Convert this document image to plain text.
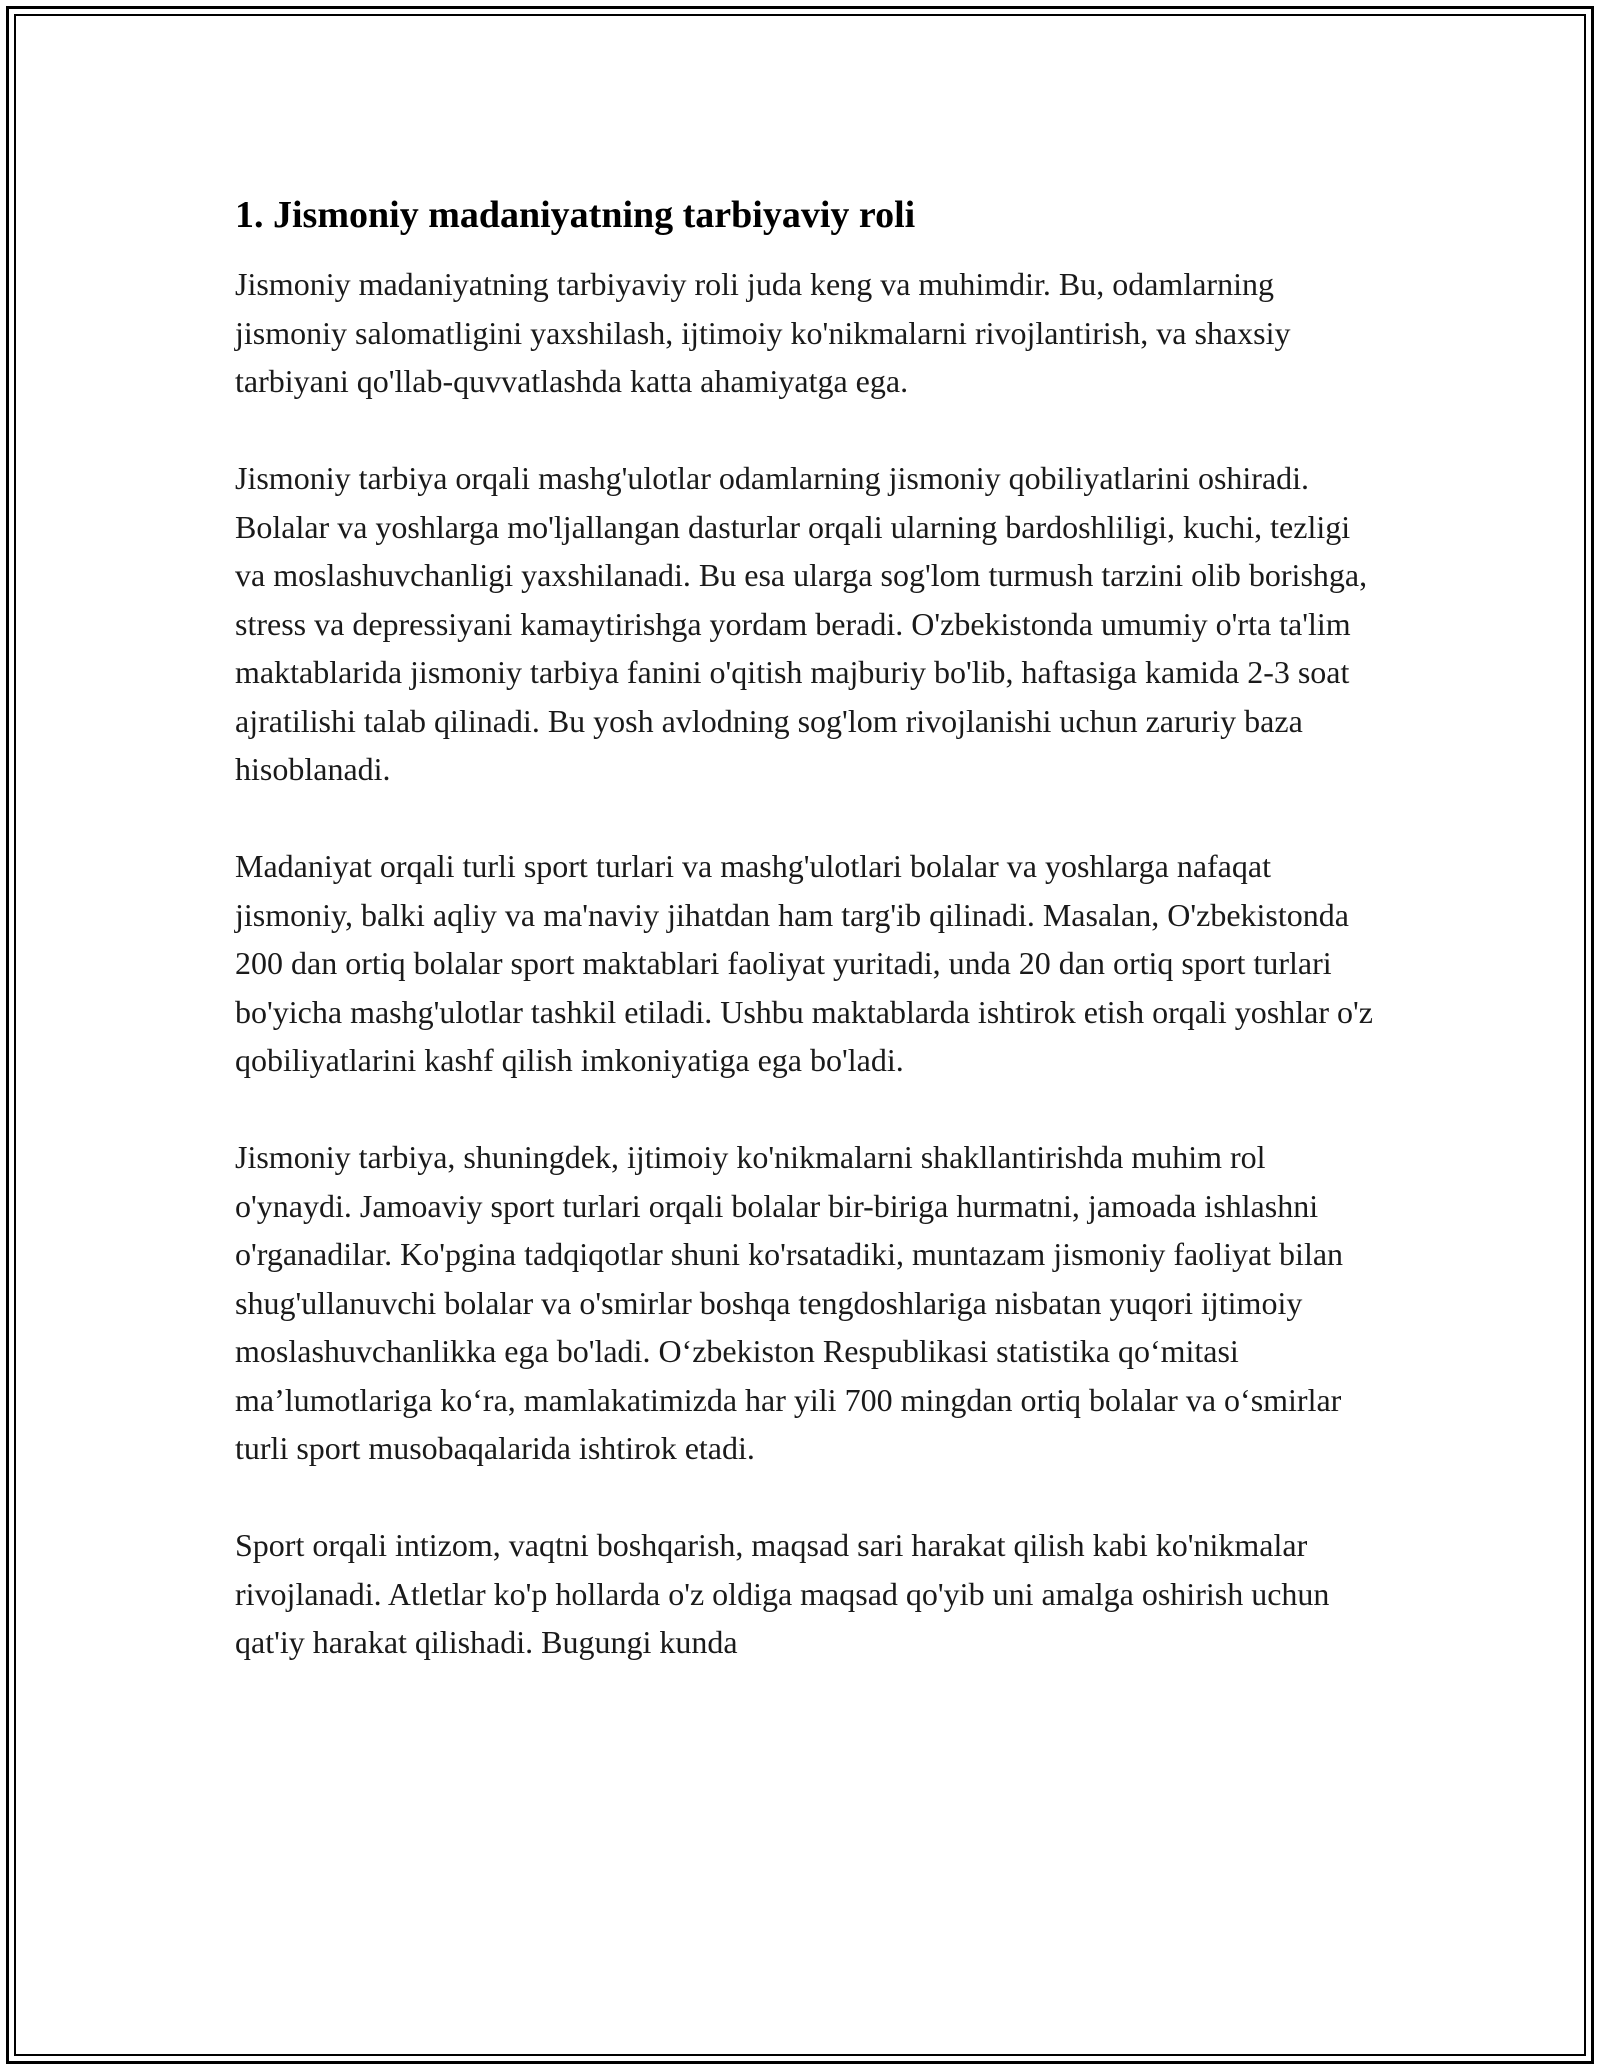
1. Jismoniy madaniyatning tarbiyaviy roli

Jismoniy madaniyatning tarbiyaviy roli juda keng va muhimdir. Bu, odamlarning jismoniy salomatligini yaxshilash, ijtimoiy ko'nikmalarni rivojlantirish, va shaxsiy tarbiyani qo'llab-quvvatlashda katta ahamiyatga ega.

Jismoniy tarbiya orqali mashg'ulotlar odamlarning jismoniy qobiliyatlarini oshiradi. Bolalar va yoshlarga mo'ljallangan dasturlar orqali ularning bardoshliligi, kuchi, tezligi va moslashuvchanligi yaxshilanadi. Bu esa ularga sog'lom turmush tarzini olib borishga, stress va depressiyani kamaytirishga yordam beradi. O'zbekistonda umumiy o'rta ta'lim maktablarida jismoniy tarbiya fanini o'qitish majburiy bo'lib, haftasiga kamida 2-3 soat ajratilishi talab qilinadi. Bu yosh avlodning sog'lom rivojlanishi uchun zaruriy baza hisoblanadi.

Madaniyat orqali turli sport turlari va mashg'ulotlari bolalar va yoshlarga nafaqat jismoniy, balki aqliy va ma'naviy jihatdan ham targ'ib qilinadi. Masalan, O'zbekistonda 200 dan ortiq bolalar sport maktablari faoliyat yuritadi, unda 20 dan ortiq sport turlari bo'yicha mashg'ulotlar tashkil etiladi. Ushbu maktablarda ishtirok etish orqali yoshlar o'z qobiliyatlarini kashf qilish imkoniyatiga ega bo'ladi.

Jismoniy tarbiya, shuningdek, ijtimoiy ko'nikmalarni shakllantirishda muhim rol o'ynaydi. Jamoaviy sport turlari orqali bolalar bir-biriga hurmatni, jamoada ishlashni o'rganadilar. Ko'pgina tadqiqotlar shuni ko'rsatadiki, muntazam jismoniy faoliyat bilan shug'ullanuvchi bolalar va o'smirlar boshqa tengdoshlariga nisbatan yuqori ijtimoiy moslashuvchanlikka ega bo'ladi. O‘zbekiston Respublikasi statistika qo‘mitasi ma’lumotlariga ko‘ra, mamlakatimizda har yili 700 mingdan ortiq bolalar va o‘smirlar turli sport musobaqalarida ishtirok etadi.

Sport orqali intizom, vaqtni boshqarish, maqsad sari harakat qilish kabi ko'nikmalar rivojlanadi. Atletlar ko'p hollarda o'z oldiga maqsad qo'yib uni amalga oshirish uchun qat'iy harakat qilishadi. Bugungi kunda
